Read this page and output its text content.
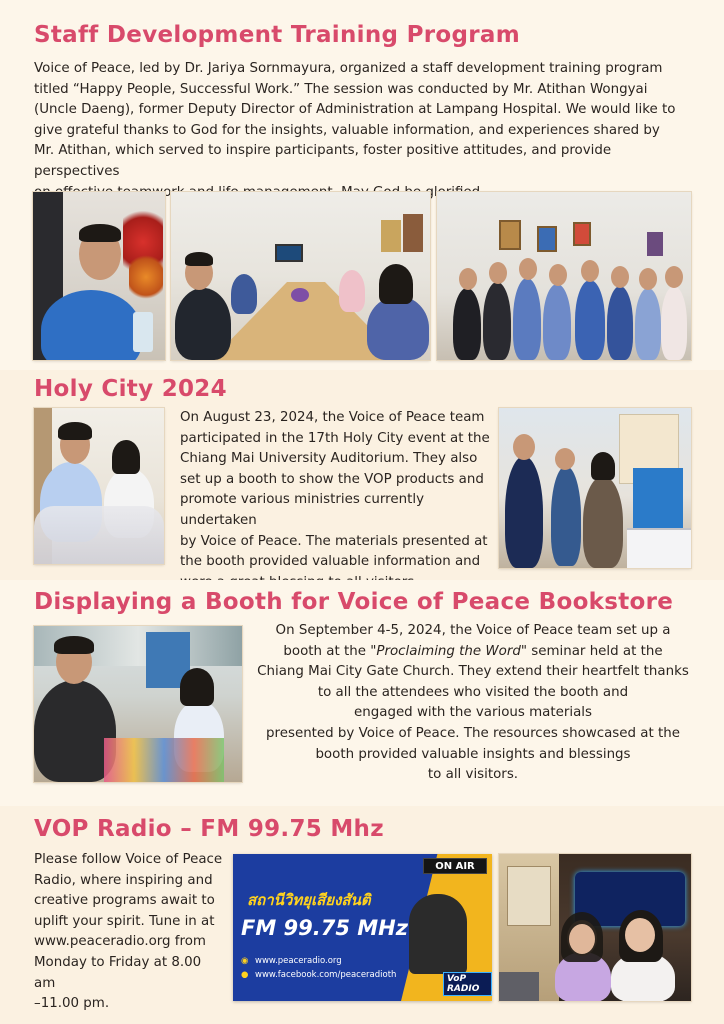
Staff Development Training Program
Voice of Peace, led by Dr. Jariya Sornmayura, organized a staff development training program
titled “Happy People, Successful Work.” The session was conducted by Mr. Atithan Wongyai
(Uncle Daeng), former Deputy Director of Administration at Lampang Hospital. We would like to
give grateful thanks to God for the insights, valuable information, and experiences shared by
Mr. Atithan, which served to inspire participants, foster positive attitudes, and provide perspectives
Holy City 2024
On August 23, 2024, the Voice of Peace team
participated in the 17th Holy City event at the
Chiang Mai University Auditorium. They also
set up a booth to show the VOP products and
promote various ministries currently undertaken
by Voice of Peace. The materials presented at
the booth provided valuable information and
Displaying a Booth for Voice of Peace Bookstore
On September 4-5, 2024, the Voice of Peace team set up a
booth at the "Proclaiming the Word" seminar held at the
Chiang Mai City Gate Church. They extend their heartfelt thanks
to all the attendees who visited the booth and
engaged with the various materials
presented by Voice of Peace. The resources showcased at the
booth provided valuable insights and blessings
to all visitors.
VOP Radio – FM 99.75 Mhz
Please follow Voice of Peace
Radio, where inspiring and
creative programs await to
uplift your spirit. Tune in at
www.peaceradio.org from
Monday to Friday at 8.00 am
–11.00 pm.
ON AIR
สถานีวิทยุเสียงสันติ
FM 99.75 MHz
◉ www.peaceradio.org
● www.facebook.com/peaceradioth	VoP RADIO
